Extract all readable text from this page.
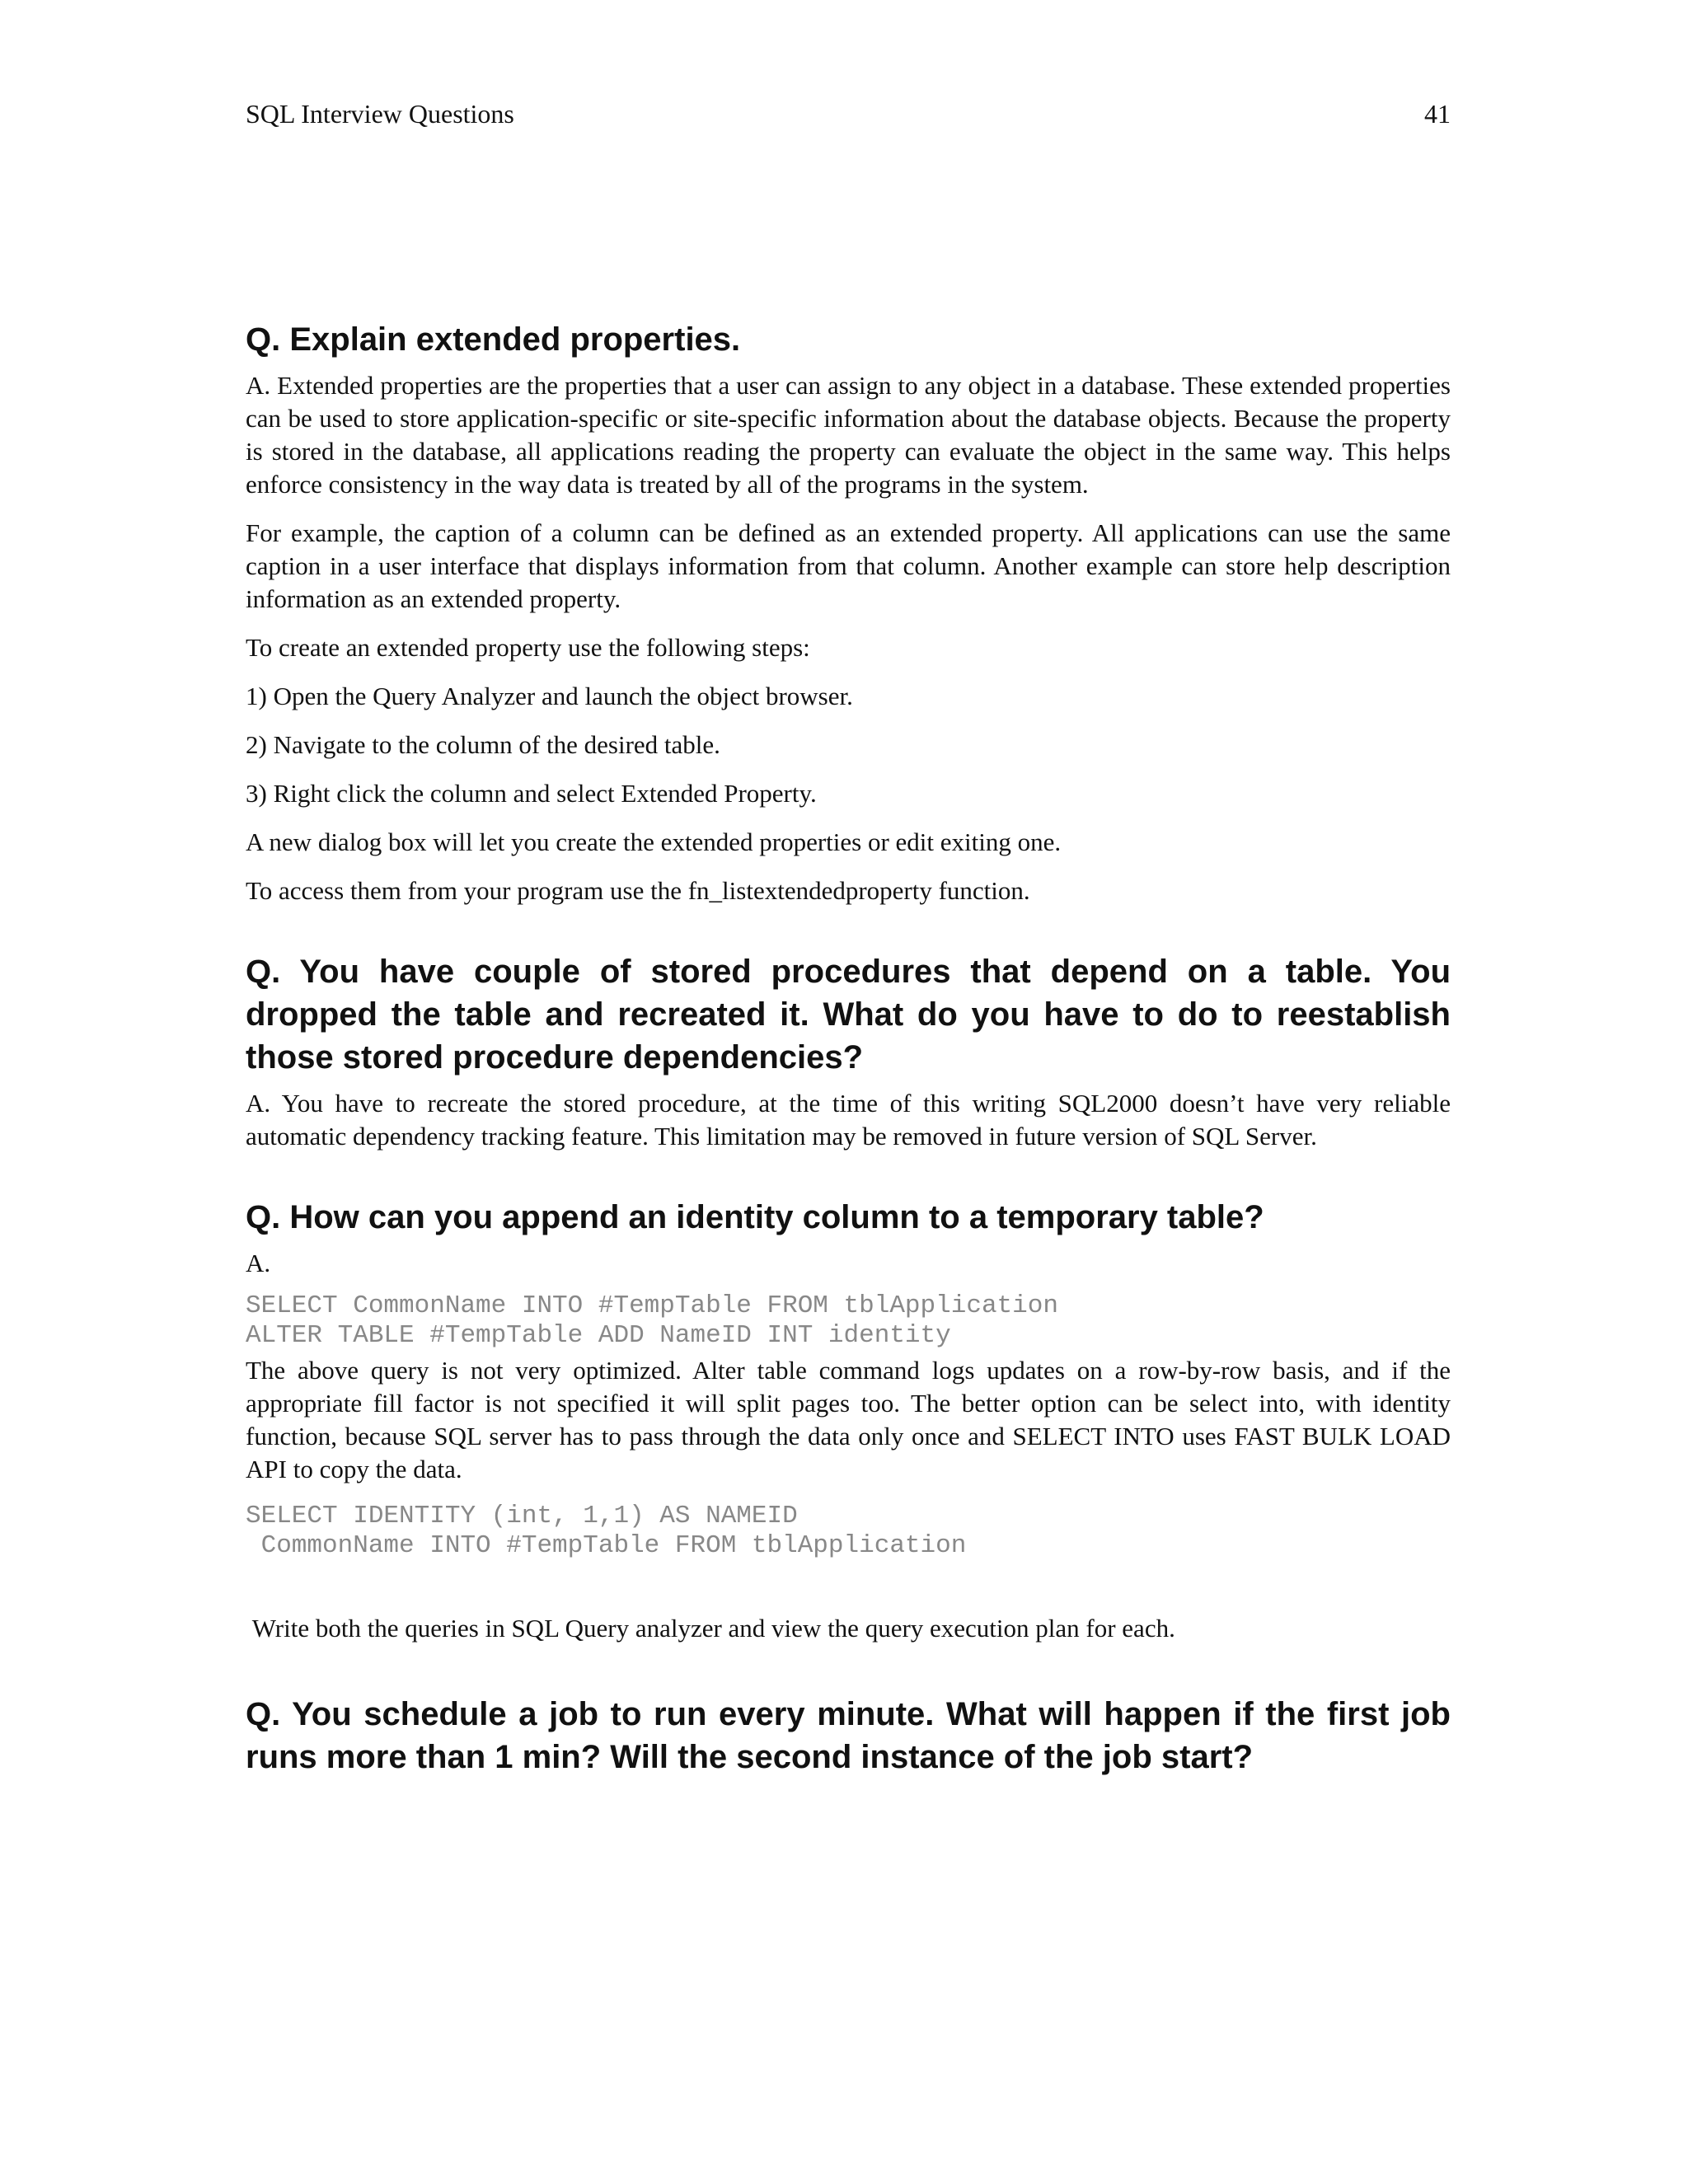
SQL Interview Questions	41
Q. Explain extended properties.

A. Extended properties are the properties that a user can assign to any object in a database. These extended properties can be used to store application-specific or site-specific information about the database objects. Because the property is stored in the database, all applications reading the property can evaluate the object in the same way. This helps enforce consistency in the way data is treated by all of the programs in the system.

For example, the caption of a column can be defined as an extended property. All applications can use the same caption in a user interface that displays information from that column. Another example can store help description information as an extended property.

To create an extended property use the following steps:

1) Open the Query Analyzer and launch the object browser.

2) Navigate to the column of the desired table.

3) Right click the column and select Extended Property.

A new dialog box will let you create the extended properties or edit exiting one.

To access them from your program use the fn_listextendedproperty function.

Q. You have couple of stored procedures that depend on a table. You dropped the table and recreated it. What do you have to do to reestablish those stored procedure dependencies?

A. You have to recreate the stored procedure, at the time of this writing SQL2000 doesn’t have very reliable automatic dependency tracking feature. This limitation may be removed in future version of SQL Server.

Q. How can you append an identity column to a temporary table?

A.

SELECT CommonName INTO #TempTable FROM tblApplication
ALTER TABLE #TempTable ADD NameID INT identity

The above query is not very optimized. Alter table command logs updates on a row-by-row basis, and if the appropriate fill factor is not specified it will split pages too. The better option can be select into, with identity function, because SQL server has to pass through the data only once and SELECT INTO uses FAST BULK LOAD API to copy the data.

SELECT IDENTITY (int, 1,1) AS NAMEID
CommonName INTO #TempTable FROM tblApplication

Write both the queries in SQL Query analyzer and view the query execution plan for each.

Q. You schedule a job to run every minute. What will happen if the first job runs more than 1 min? Will the second instance of the job start?
